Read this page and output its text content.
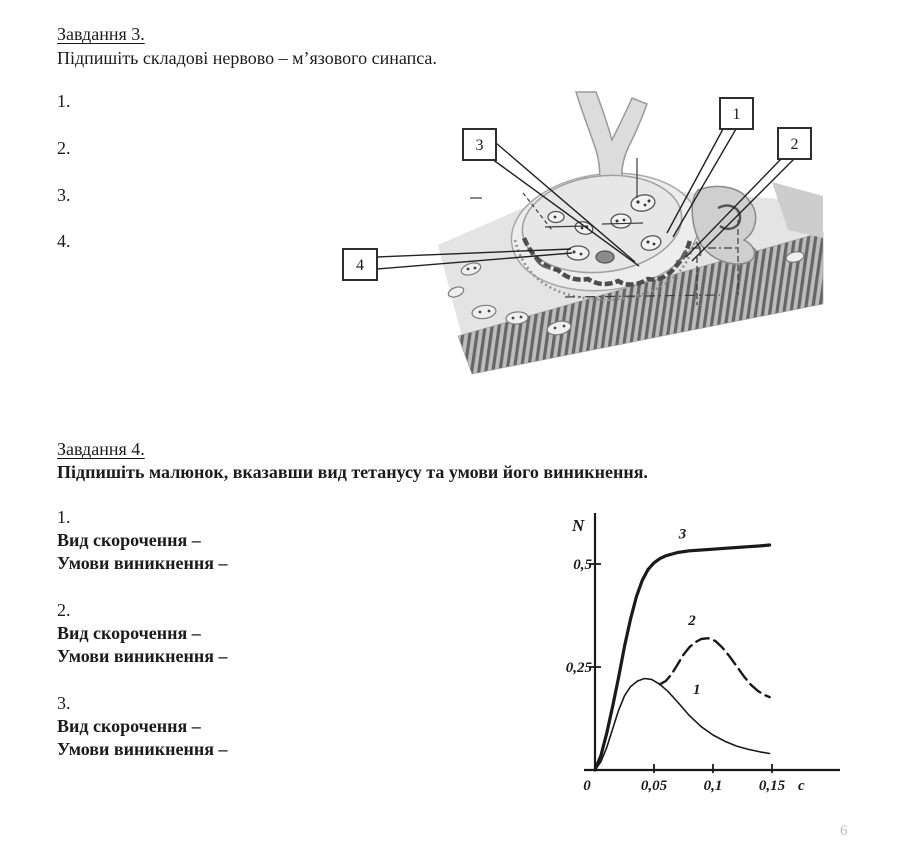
Завдання 3.
Підпишіть складові нервово – м’язового синапса.
1.
2.
3.
4.
1
2
3
4
Завдання 4.
Підпишіть малюнок, вказавши вид тетанусу та умови його виникнення.
1.
Вид скорочення –
Умови виникнення –
2.
Вид скорочення –
Умови виникнення –
3.
Вид скорочення –
Умови виникнення –
N
с
0	0,05 0,1 0,15
0,25
0,5
1
2
3
6
